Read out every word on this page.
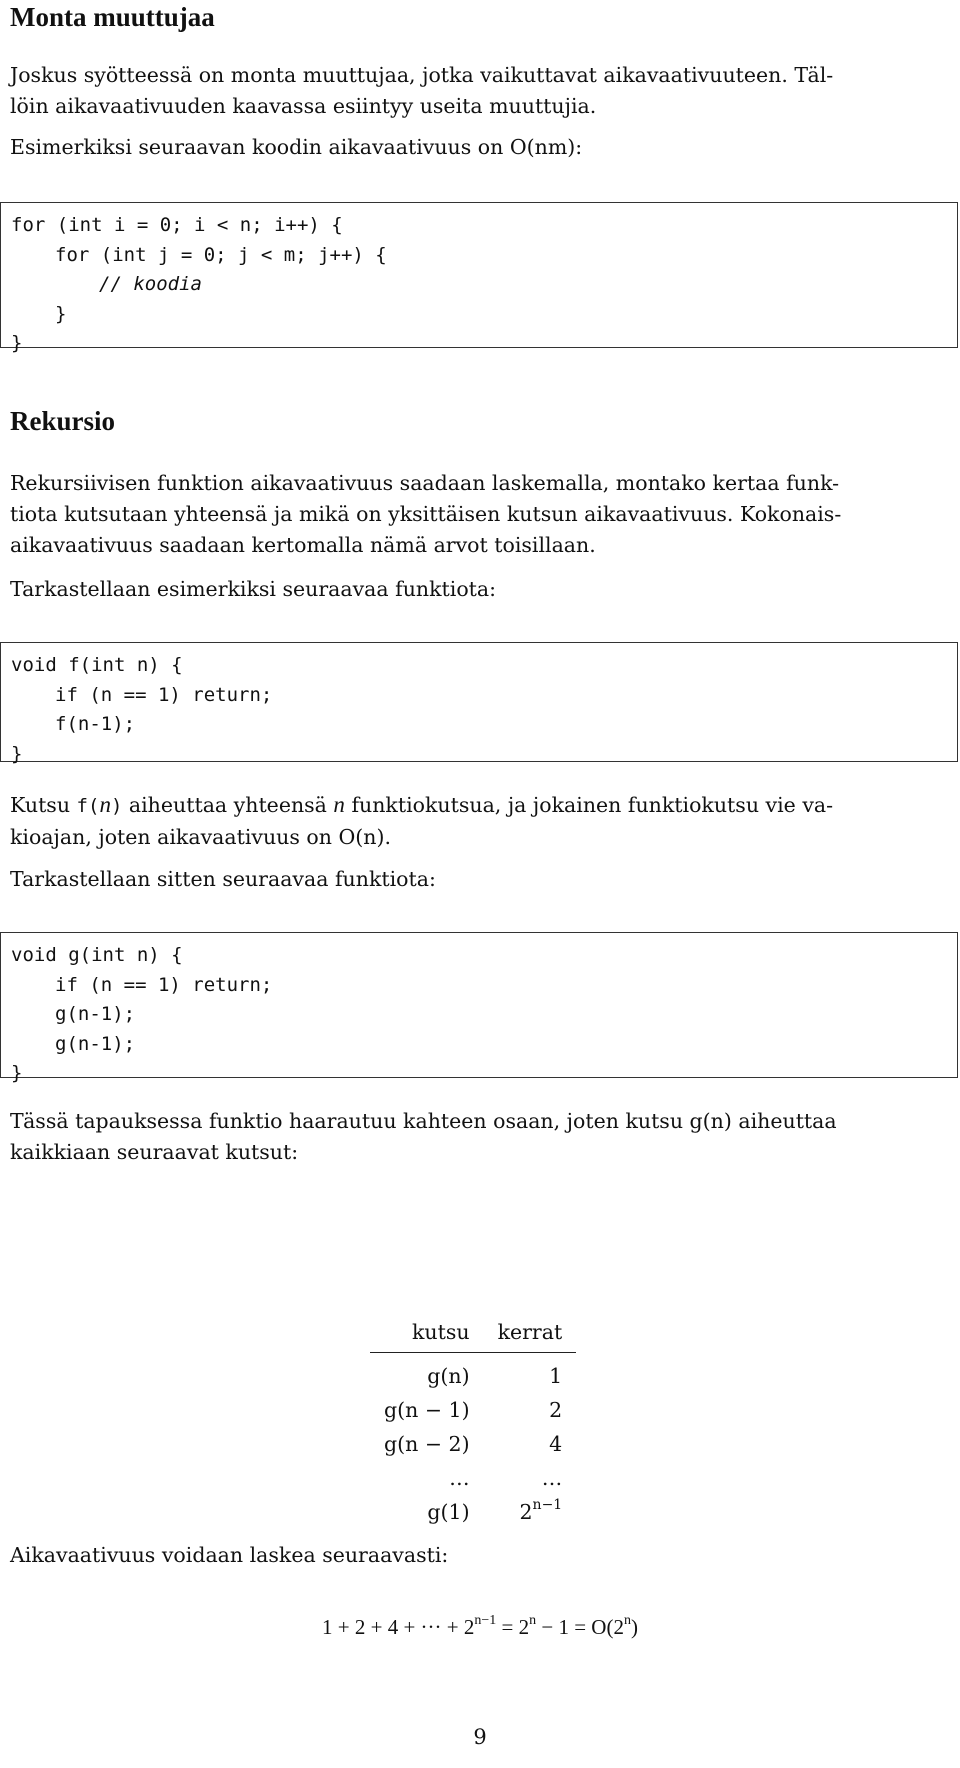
Monta muuttujaa

Joskus syötteessä on monta muuttujaa, jotka vaikuttavat aikavaativuuteen. Täl-
löin aikavaativuuden kaavassa esiintyy useita muuttujia.

Esimerkiksi seuraavan koodin aikavaativuus on O(nm):

for (int i = 0; i < n; i++) {
for (int j = 0; j < m; j++) {
// koodia
}
}
Rekursio

Rekursiivisen funktion aikavaativuus saadaan laskemalla, montako kertaa funk-
tiota kutsutaan yhteensä ja mikä on yksittäisen kutsun aikavaativuus. Kokonais-
aikavaativuus saadaan kertomalla nämä arvot toisillaan.

Tarkastellaan esimerkiksi seuraavaa funktiota:

void f(int n) {
if (n == 1) return;
f(n-1);
}

Kutsu f(n) aiheuttaa yhteensä n funktiokutsua, ja jokainen funktiokutsu vie va-
kioajan, joten aikavaativuus on O(n).

Tarkastellaan sitten seuraavaa funktiota:

void g(int n) {
if (n == 1) return;
g(n-1);
g(n-1);
}

Tässä tapauksessa funktio haarautuu kahteen osaan, joten kutsu g(n) aiheuttaa
kaikkiaan seuraavat kutsut:

kutsu	kerrat
g(n)	1
g(n − 1)	2
g(n − 2)	4
…	…
g(1)	$2^{n-1}$

Aikavaativuus voidaan laskea seuraavasti:

1 + 2 + 4 + ··· + $2^{n-1} = 2^n - 1 = O(2^n)$
9
